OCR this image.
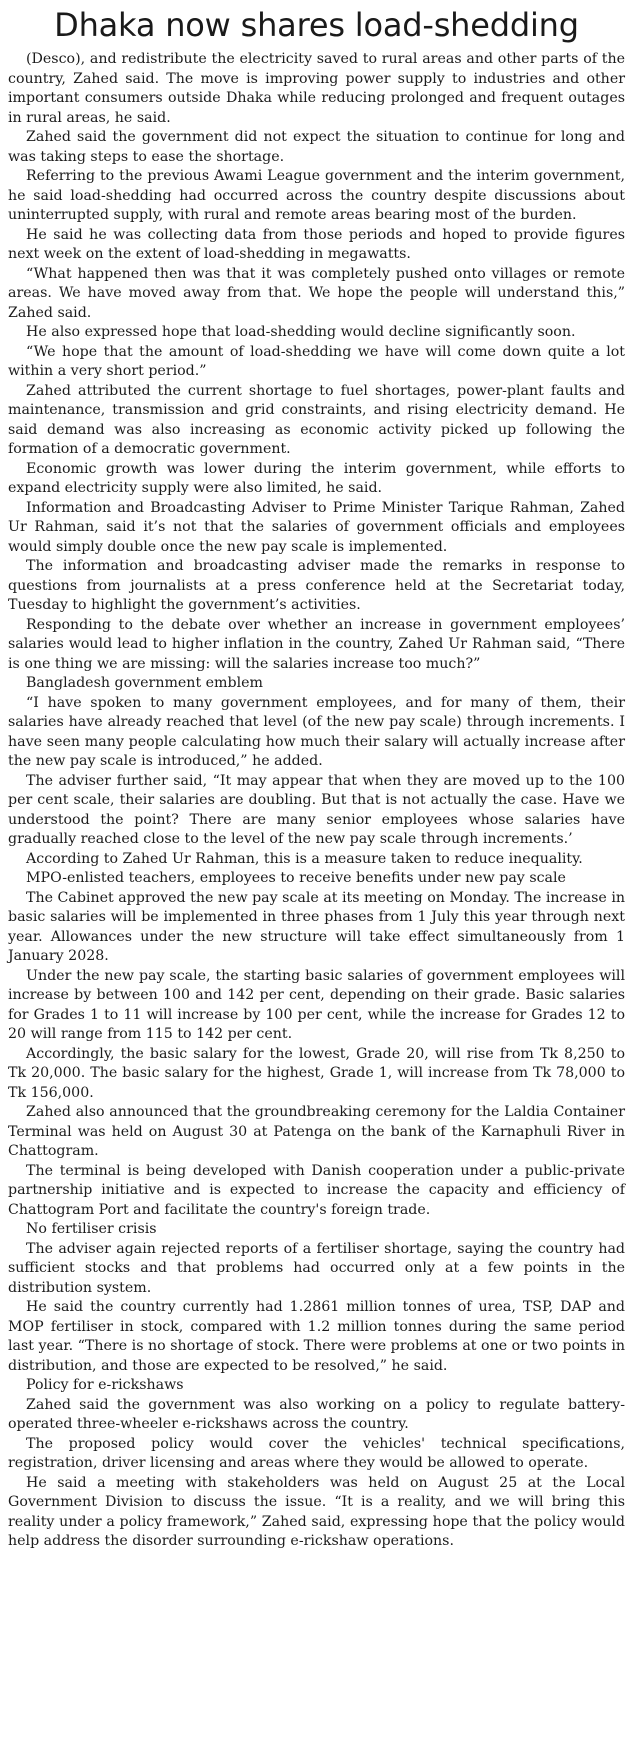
Dhaka now shares load-shedding

(Desco), and redistribute the electricity saved to rural areas and other parts of the country, Zahed said. The move is improving power supply to industries and other important consumers outside Dhaka while reducing prolonged and frequent outages in rural areas, he said.

Zahed said the government did not expect the situation to continue for long and was taking steps to ease the shortage.

Referring to the previous Awami League government and the interim government, he said load-shedding had occurred across the country despite discussions about uninterrupted supply, with rural and remote areas bearing most of the burden.

He said he was collecting data from those periods and hoped to provide figures next week on the extent of load-shedding in megawatts.

“What happened then was that it was completely pushed onto villages or remote areas. We have moved away from that. We hope the people will understand this,” Zahed said.

He also expressed hope that load-shedding would decline significantly soon.

“We hope that the amount of load-shedding we have will come down quite a lot within a very short period.”

Zahed attributed the current shortage to fuel shortages, power-plant faults and maintenance, transmission and grid constraints, and rising electricity demand. He said demand was also increasing as economic activity picked up following the formation of a democratic government.

Economic growth was lower during the interim government, while efforts to expand electricity supply were also limited, he said.

Information and Broadcasting Adviser to Prime Minister Tarique Rahman, Zahed Ur Rahman, said it’s not that the salaries of government officials and employees would simply double once the new pay scale is implemented.

The information and broadcasting adviser made the remarks in response to questions from journalists at a press conference held at the Secretariat today, Tuesday to highlight the government’s activities.

Responding to the debate over whether an increase in government employees’ salaries would lead to higher inflation in the country, Zahed Ur Rahman said, “There is one thing we are missing: will the salaries increase too much?”

Bangladesh government emblem

“I have spoken to many government employees, and for many of them, their salaries have already reached that level (of the new pay scale) through increments. I have seen many people calculating how much their salary will actually increase after the new pay scale is introduced,” he added.

The adviser further said, “It may appear that when they are moved up to the 100 per cent scale, their salaries are doubling. But that is not actually the case. Have we understood the point? There are many senior employees whose salaries have gradually reached close to the level of the new pay scale through increments.’

According to Zahed Ur Rahman, this is a measure taken to reduce inequality.

MPO-enlisted teachers, employees to receive benefits under new pay scale

The Cabinet approved the new pay scale at its meeting on Monday. The increase in basic salaries will be implemented in three phases from 1 July this year through next year. Allowances under the new structure will take effect simultaneously from 1 January 2028.

Under the new pay scale, the starting basic salaries of government employees will increase by between 100 and 142 per cent, depending on their grade. Basic salaries for Grades 1 to 11 will increase by 100 per cent, while the increase for Grades 12 to 20 will range from 115 to 142 per cent.

Accordingly, the basic salary for the lowest, Grade 20, will rise from Tk 8,250 to Tk 20,000. The basic salary for the highest, Grade 1, will increase from Tk 78,000 to Tk 156,000.

Zahed also announced that the groundbreaking ceremony for the Laldia Container Terminal was held on August 30 at Patenga on the bank of the Karnaphuli River in Chattogram.

The terminal is being developed with Danish cooperation under a public-private partnership initiative and is expected to increase the capacity and efficiency of Chattogram Port and facilitate the country's foreign trade.

No fertiliser crisis

The adviser again rejected reports of a fertiliser shortage, saying the country had sufficient stocks and that problems had occurred only at a few points in the distribution system.

He said the country currently had 1.2861 million tonnes of urea, TSP, DAP and MOP fertiliser in stock, compared with 1.2 million tonnes during the same period last year. “There is no shortage of stock. There were problems at one or two points in distribution, and those are expected to be resolved,” he said.

Policy for e-rickshaws

Zahed said the government was also working on a policy to regulate battery-operated three-wheeler e-rickshaws across the country.

The proposed policy would cover the vehicles' technical specifications, registration, driver licensing and areas where they would be allowed to operate.

He said a meeting with stakeholders was held on August 25 at the Local Government Division to discuss the issue. “It is a reality, and we will bring this reality under a policy framework,” Zahed said, expressing hope that the policy would help address the disorder surrounding e-rickshaw operations.
